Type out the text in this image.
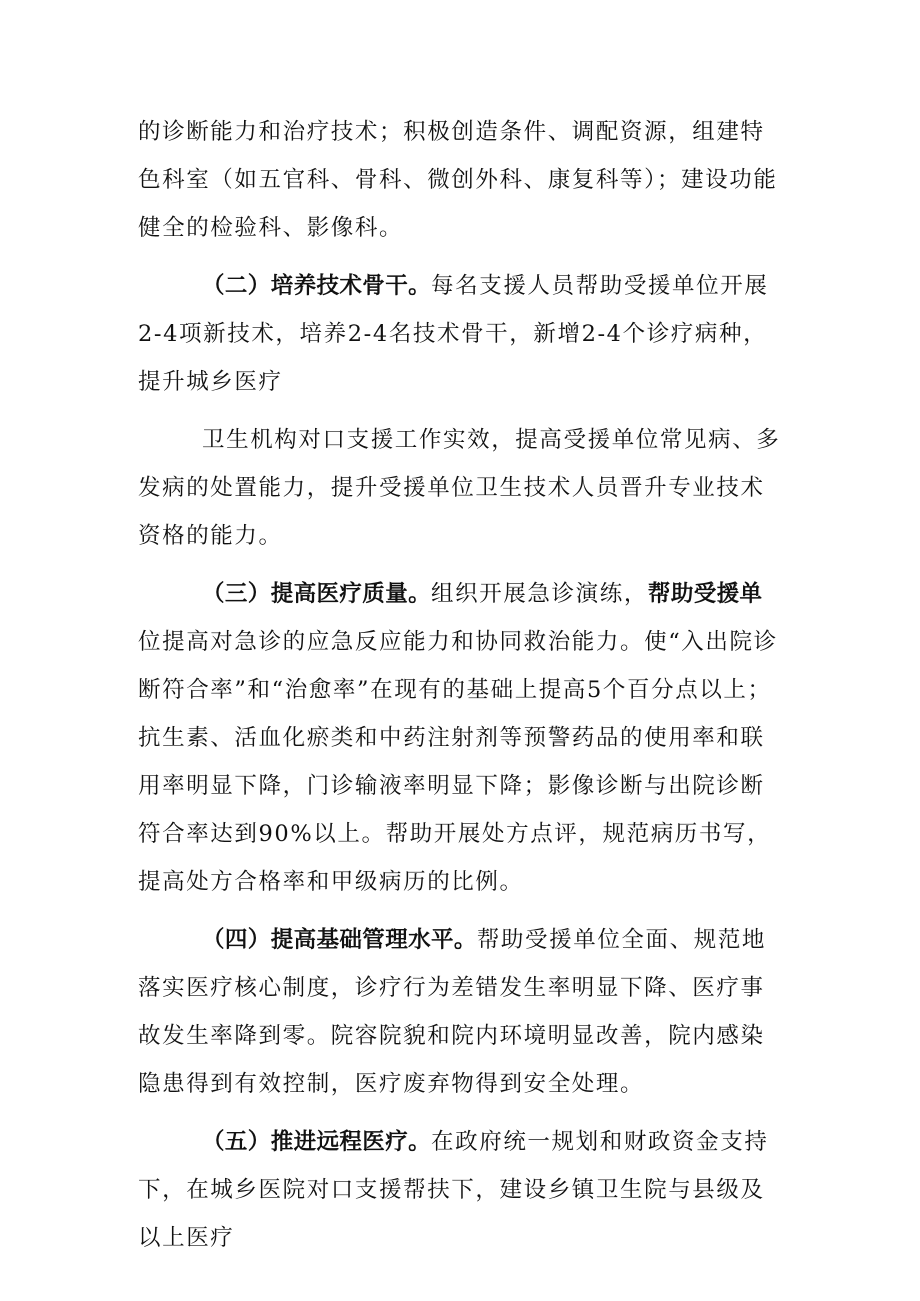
的诊断能力和治疗技术；积极创造条件、调配资源，组建特色科室（如五官科、骨科、微创外科、康复科等）；建设功能健全的检验科、影像科。

（二）培养技术骨干。每名支援人员帮助受援单位开展2-4项新技术，培养2-4名技术骨干，新增2-4个诊疗病种，提升城乡医疗

卫生机构对口支援工作实效，提高受援单位常见病、多发病的处置能力，提升受援单位卫生技术人员晋升专业技术资格的能力。

（三）提高医疗质量。组织开展急诊演练，帮助受援单位提高对急诊的应急反应能力和协同救治能力。使“入出院诊断符合率”和“治愈率”在现有的基础上提高5个百分点以上；抗生素、活血化瘀类和中药注射剂等预警药品的使用率和联用率明显下降，门诊输液率明显下降；影像诊断与出院诊断符合率达到90%以上。帮助开展处方点评，规范病历书写，提高处方合格率和甲级病历的比例。

（四）提高基础管理水平。帮助受援单位全面、规范地落实医疗核心制度，诊疗行为差错发生率明显下降、医疗事故发生率降到零。院容院貌和院内环境明显改善，院内感染隐患得到有效控制，医疗废弃物得到安全处理。

（五）推进远程医疗。在政府统一规划和财政资金支持下，在城乡医院对口支援帮扶下，建设乡镇卫生院与县级及以上医疗
